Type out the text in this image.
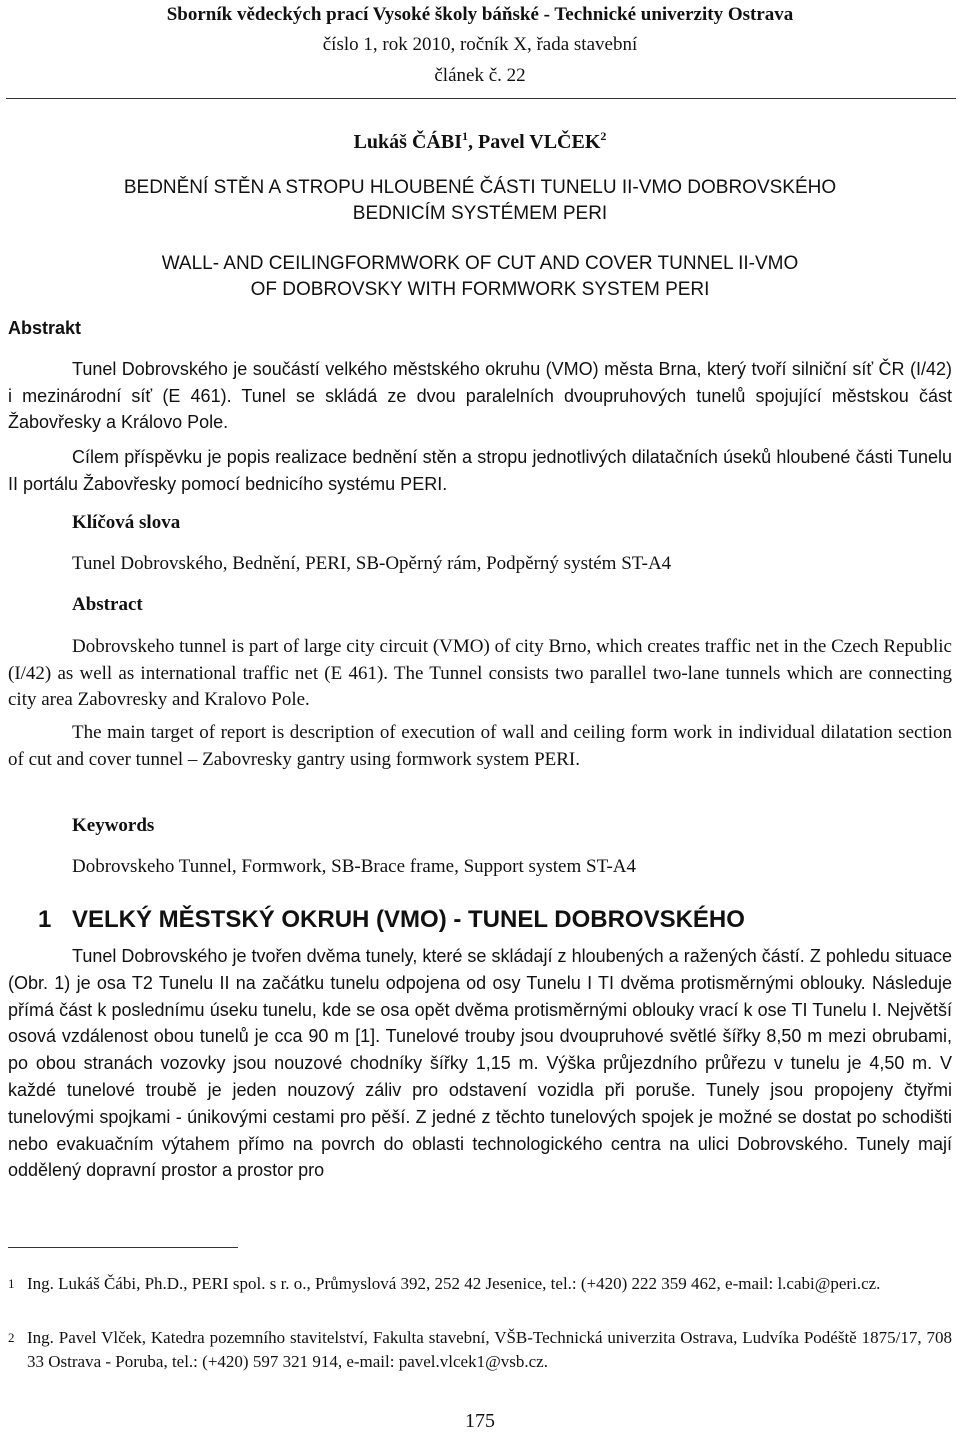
Sborník vědeckých prací Vysoké školy báňské - Technické univerzity Ostrava
číslo 1, rok 2010, ročník X, řada stavební
článek č. 22
Lukáš ČÁBI$^1$, Pavel VLČEK$^2$
BEDNĚNÍ STĚN A STROPU HLOUBENÉ ČÁSTI TUNELU II-VMO DOBROVSKÉHO
BEDNICÍM SYSTÉMEM PERI
WALL- AND CEILINGFORMWORK OF CUT AND COVER TUNNEL II-VMO
OF DOBROVSKY WITH FORMWORK SYSTEM PERI
Abstrakt
Tunel Dobrovského je součástí velkého městského okruhu (VMO) města Brna, který tvoří silniční síť ČR (I/42) i mezinárodní síť (E 461). Tunel se skládá ze dvou paralelních dvoupruhových tunelů spojující městskou část Žabovřesky a Královo Pole.
Cílem příspěvku je popis realizace bednění stěn a stropu jednotlivých dilatačních úseků hloubené části Tunelu II portálu Žabovřesky pomocí bednicího systému PERI.
Klíčová slova
Tunel Dobrovského, Bednění, PERI, SB-Opěrný rám, Podpěrný systém ST-A4
Abstract
Dobrovskeho tunnel is part of large city circuit (VMO) of city Brno, which creates traffic net in the Czech Republic (I/42) as well as international traffic net (E 461). The Tunnel consists two parallel two-lane tunnels which are connecting city area Zabovresky and Kralovo Pole.
The main target of report is description of execution of wall and ceiling form work in individual dilatation section of cut and cover tunnel – Zabovresky gantry using formwork system PERI.
Keywords
Dobrovskeho Tunnel, Formwork, SB-Brace frame, Support system ST-A4
1 VELKÝ MĚSTSKÝ OKRUH (VMO) - TUNEL DOBROVSKÉHO
Tunel Dobrovského je tvořen dvěma tunely, které se skládají z hloubených a ražených částí. Z pohledu situace (Obr. 1) je osa T2 Tunelu II na začátku tunelu odpojena od osy Tunelu I TI dvěma protisměrnými oblouky. Následuje přímá část k poslednímu úseku tunelu, kde se osa opět dvěma protisměrnými oblouky vrací k ose TI Tunelu I. Největší osová vzdálenost obou tunelů je cca 90 m [1]. Tunelové trouby jsou dvoupruhové světlé šířky 8,50 m mezi obrubami, po obou stranách vozovky jsou nouzové chodníky šířky 1,15 m. Výška průjezdního průřezu v tunelu je 4,50 m. V každé tunelové troubě je jeden nouzový záliv pro odstavení vozidla při poruše. Tunely jsou propojeny čtyřmi tunelovými spojkami - únikovými cestami pro pěší. Z jedné z těchto tunelových spojek je možné se dostat po schodišti nebo evakuačním výtahem přímo na povrch do oblasti technologického centra na ulici Dobrovského. Tunely mají oddělený dopravní prostor a prostor pro
1 Ing. Lukáš Čábi, Ph.D., PERI spol. s r. o., Průmyslová 392, 252 42 Jesenice, tel.: (+420) 222 359 462, e-mail: l.cabi@peri.cz.
2 Ing. Pavel Vlček, Katedra pozemního stavitelství, Fakulta stavební, VŠB-Technická univerzita Ostrava, Ludvíka Podéště 1875/17, 708 33 Ostrava - Poruba, tel.: (+420) 597 321 914, e-mail: pavel.vlcek1@vsb.cz.
175
